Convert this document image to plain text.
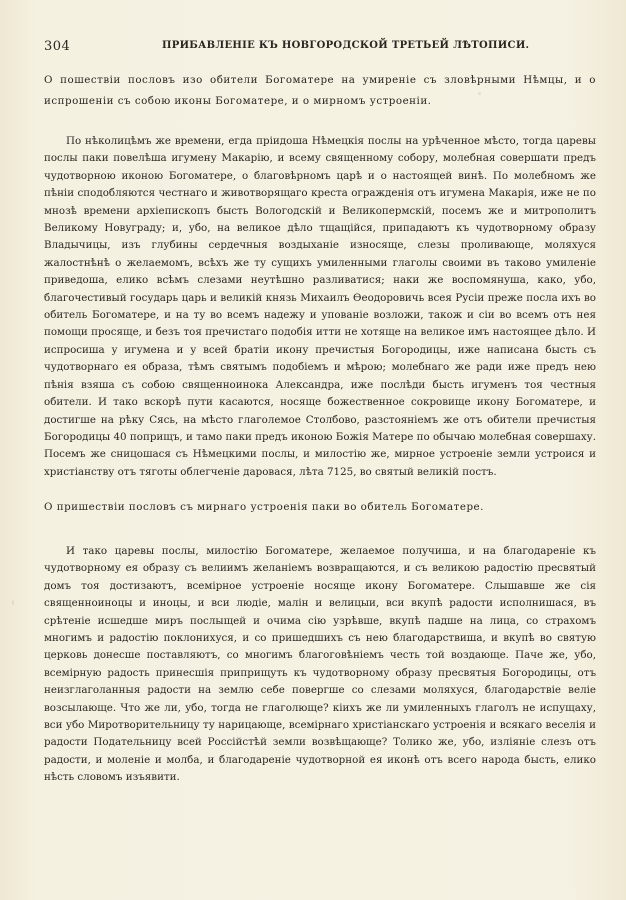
304	ПРИБАВЛЕНІЕ КЪ НОВГОРОДСКОЙ ТРЕТЬЕЙ ЛѢТОПИСИ.
О пошествіи пословъ изо обители Богоматере на умиреніе съ зловѣрными Нѣмцы, и о испрошеніи съ собою иконы Богоматере, и о мирномъ устроеніи.

По нѣколицѣмъ же времени, егда пріидоша Нѣмецкія послы на урѣченное мѣсто, тогда царевы послы паки повелѣша игумену Макарію, и всему священному собору, молебная совершати предъ чудотворною иконою Богоматере, о благовѣрномъ царѣ и о настоящей винѣ. По молебномъ же пѣніи сподобляются честнаго и животворящаго креста огражденія отъ игумена Макарія, иже не по мнозѣ времени архіепископъ бысть Вологодскій и Великопермскій, посемъ же и митрополитъ Великому Новуграду; и, убо, на великое дѣло тщащійся, припадаютъ къ чудотворному образу Владычицы, изъ глубины сердечныя воздыханіе износяще, слезы проливающе, моляхуся жалостнѣнѣ о желаемомъ, всѣхъ же ту сущихъ умиленными глаголы своими въ таково умиленіе приведоша, елико всѣмъ слезами неутѣшно разливатися; наки же воспомянуша, како, убо, благочестивый государь царь и великій князь Михаилъ Ѳеодоровичь всея Русіи преже посла ихъ во обитель Богоматере, и на ту во всемъ надежу и упованіе возложи, також и сіи во всемъ отъ нея помощи просяще, и безъ тоя пречистаго подобія итти не хотяще на великое имъ настоящее дѣло. И испросиша у игумена и у всей братіи икону пречистыя Богородицы, иже написана бысть съ чудотворнаго ея образа, тѣмъ святымъ подобіемъ и мѣрою; молебнаго же ради иже предъ нею пѣнія взяша съ собою священноинока Александра, иже послѣди бысть игуменъ тоя честныя обители. И тако вскорѣ пути касаются, носяще божественное сокровище икону Богоматере, и достигше на рѣку Сясь, на мѣсто глаголемое Столбово, разстояніемъ же отъ обители пречистыя Богородицы 40 поприщъ, и тамо паки предъ иконою Божія Матере по обычаю молебная совершаху. Посемъ же сницошася съ Нѣмецкими послы, и милостію же, мирное устроеніе земли устроися и христіанству отъ тяготы облегченіе даровася, лѣта 7125, во святый великій постъ.

О пришествіи пословъ съ мирнаго устроенія паки во обитель Богоматере.

И тако царевы послы, милостію Богоматере, желаемое получиша, и на благодареніе къ чудотворному ея образу съ велиимъ желаніемъ возвращаются, и съ великою радостію пресвятый домъ тоя достизаютъ, всемірное устроеніе носяще икону Богоматере. Слышавше же сія священноиноцы и иноцы, и вси людіе, малін и велицыи, вси вкупѣ радости исполнишася, въ срѣтеніе исшедше миръ послыщей и очима сію узрѣвше, вкупѣ падше на лица, со страхомъ многимъ и радостію поклонихуся, и со пришедшихъ съ нею благодарствиша, и вкупѣ во святую церковь донесше поставляютъ, со многимъ благоговѣніемъ честь той воздающе. Паче же, убо, всемірную радость принесшія приприщуть къ чудотворному образу пресвятыя Богородицы, отъ неизглаголанныя радости на землю себе повергше со слезами моляхуся, благодарствіе веліе возсылающе. Что же ли, убо, тогда не глаголюще? кіихъ же ли умиленныхъ глаголъ не испущаху, вси убо Миротворительницу ту нарицающе, всемірнаго христіанскаго устроенія и всякаго веселія и радости Подательницу всей Россійстѣй земли возвѣщающе? Толико же, убо, изліяніе слезъ отъ радости, и моленіе и молба, и благодареніе чудотворной ея иконѣ отъ всего народа бысть, елико нѣсть словомъ изъявити.
